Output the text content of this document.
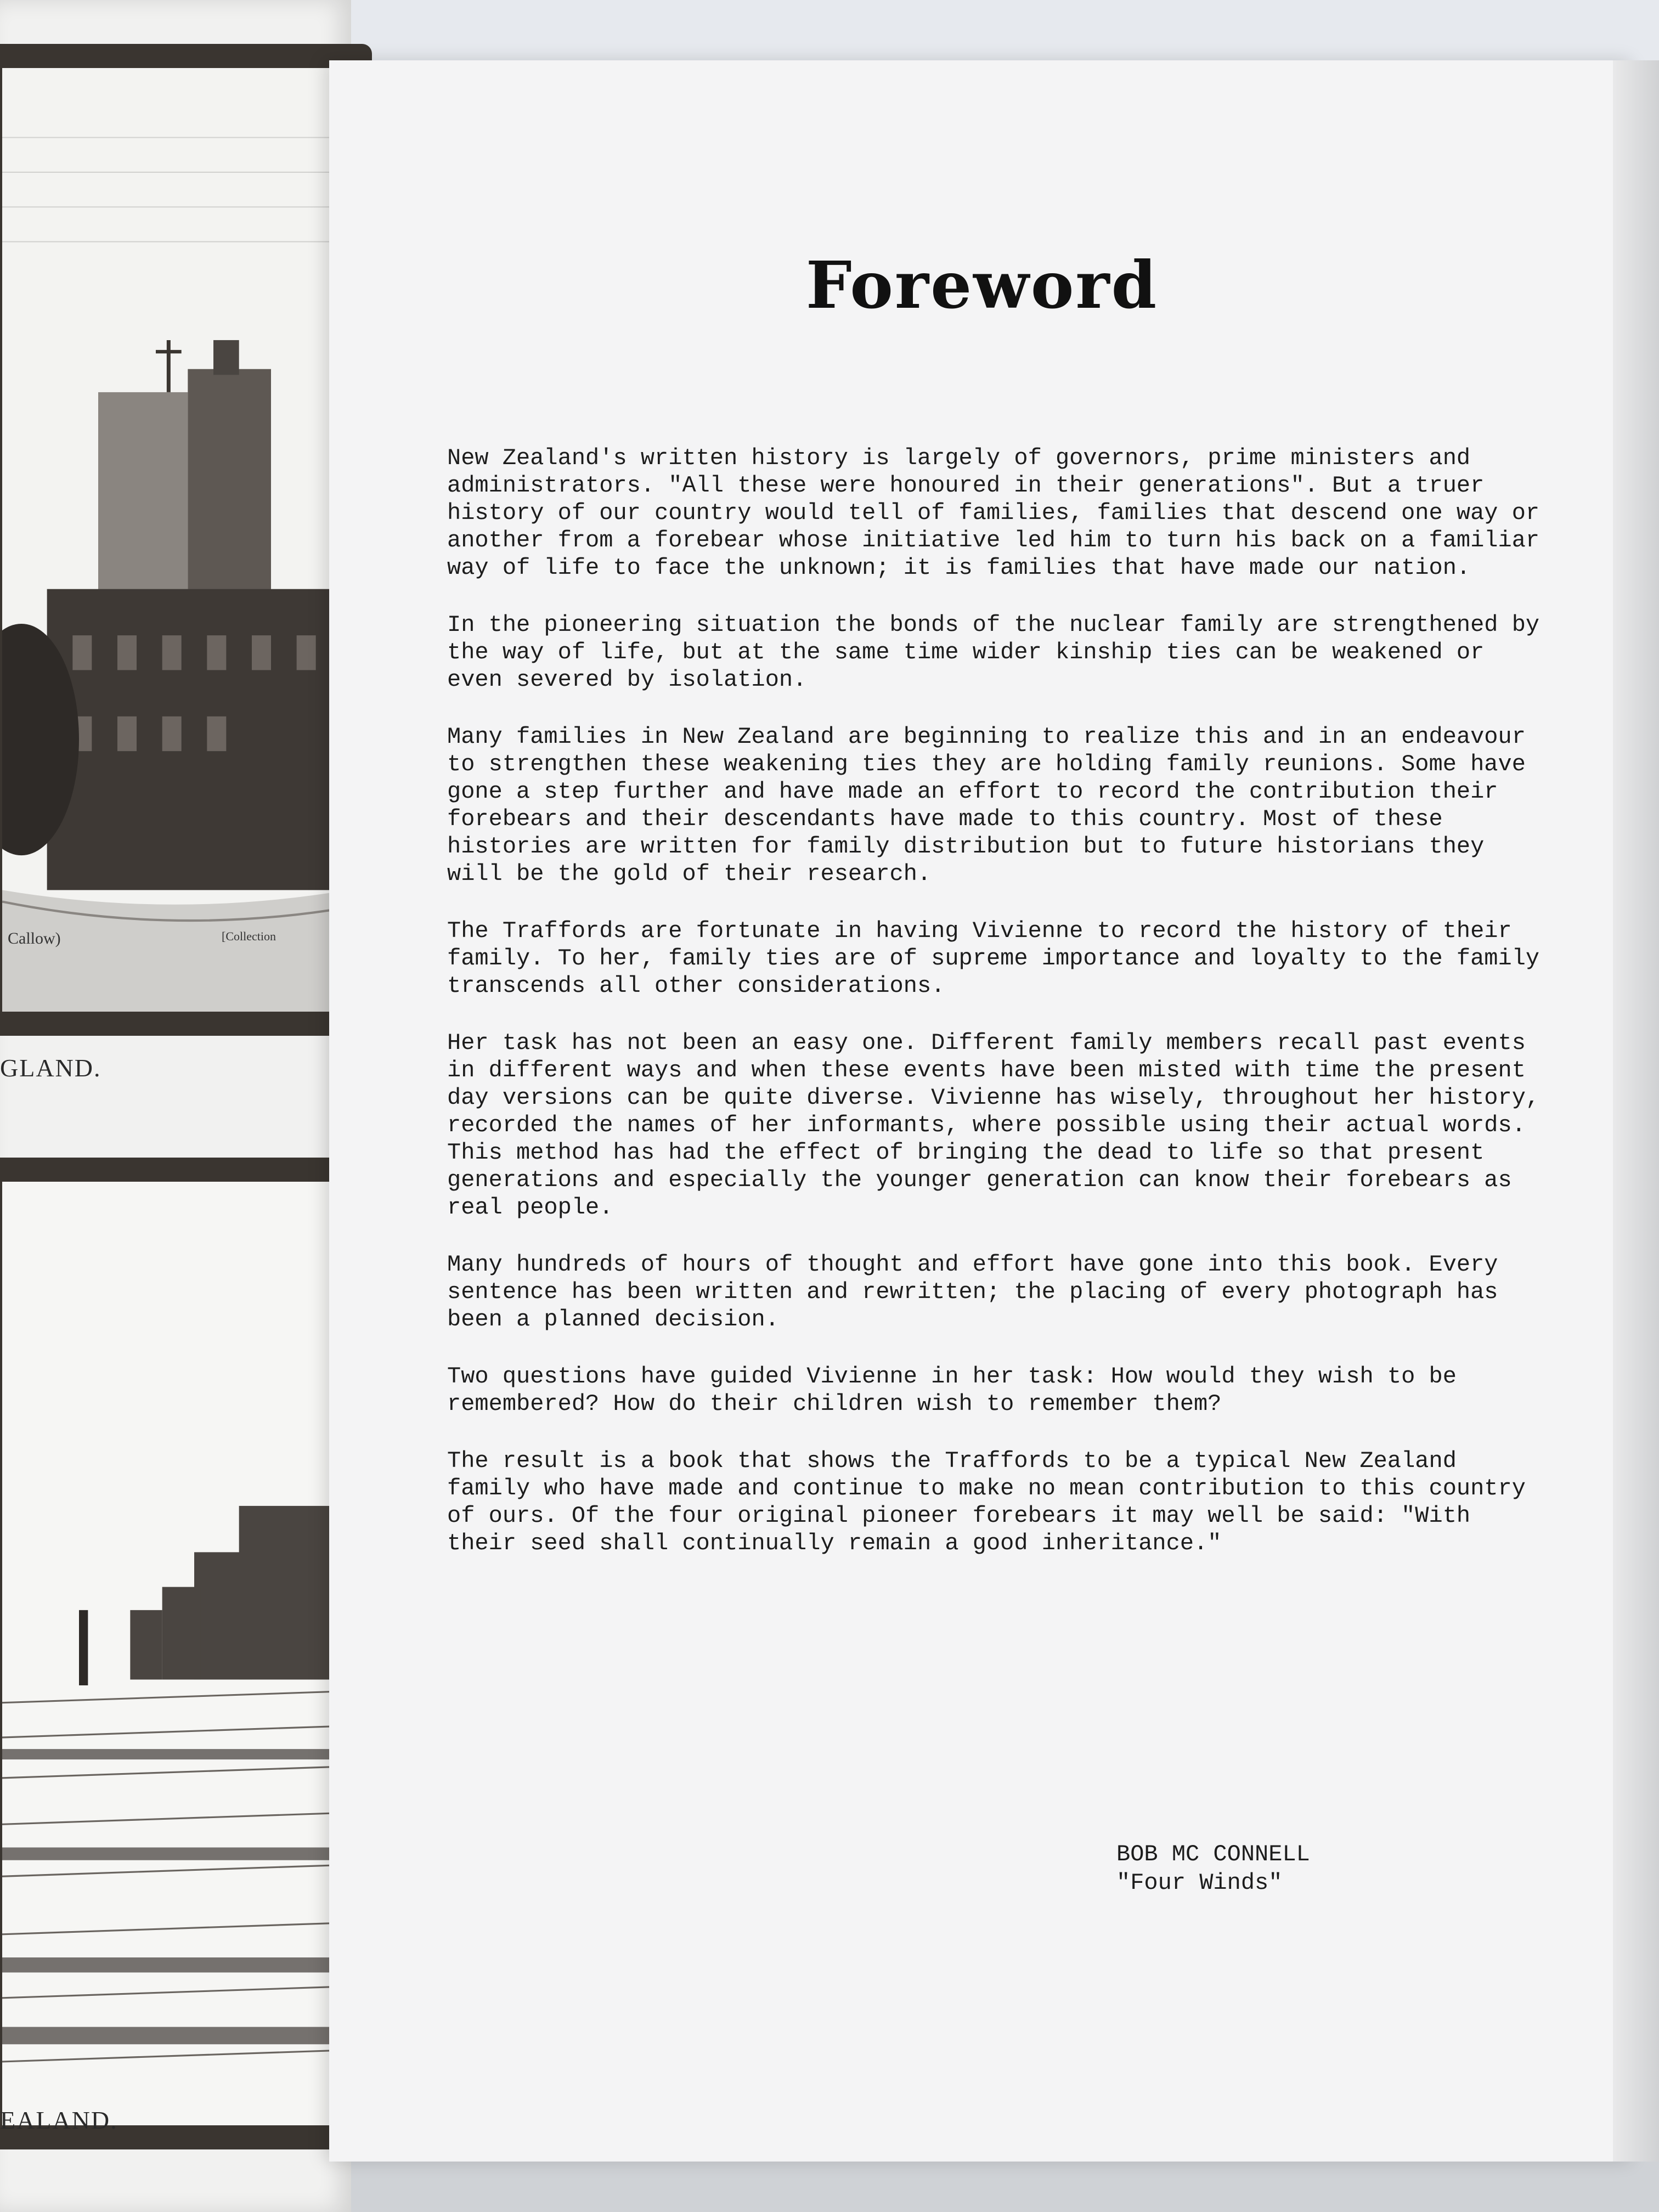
Callow)	[Collection
GLAND.
EALAND.
Foreword

New Zealand's written history is largely of governors, prime ministers and administrators. "All these were honoured in their generations". But a truer history of our country would tell of families, families that descend one way or another from a forebear whose initiative led him to turn his back on a familiar way of life to face the unknown; it is families that have made our nation.

In the pioneering situation the bonds of the nuclear family are strengthened by the way of life, but at the same time wider kinship ties can be weakened or even severed by isolation.

Many families in New Zealand are beginning to realize this and in an endeavour to strengthen these weakening ties they are holding family reunions. Some have gone a step further and have made an effort to record the contribution their forebears and their descendants have made to this country. Most of these histories are written for family distribution but to future historians they will be the gold of their research.

The Traffords are fortunate in having Vivienne to record the history of their family. To her, family ties are of supreme importance and loyalty to the family transcends all other considerations.

Her task has not been an easy one. Different family members recall past events in different ways and when these events have been misted with time the present day versions can be quite diverse. Vivienne has wisely, throughout her history, recorded the names of her informants, where possible using their actual words. This method has had the effect of bringing the dead to life so that present generations and especially the younger generation can know their forebears as real people.

Many hundreds of hours of thought and effort have gone into this book. Every sentence has been written and rewritten; the placing of every photograph has been a planned decision.

Two questions have guided Vivienne in her task: How would they wish to be remembered? How do their children wish to remember them?

The result is a book that shows the Traffords to be a typical New Zealand family who have made and continue to make no mean contribution to this country of ours. Of the four original pioneer forebears it may well be said: "With their seed shall continually remain a good inheritance."

BOB MC CONNELL
"Four Winds"
